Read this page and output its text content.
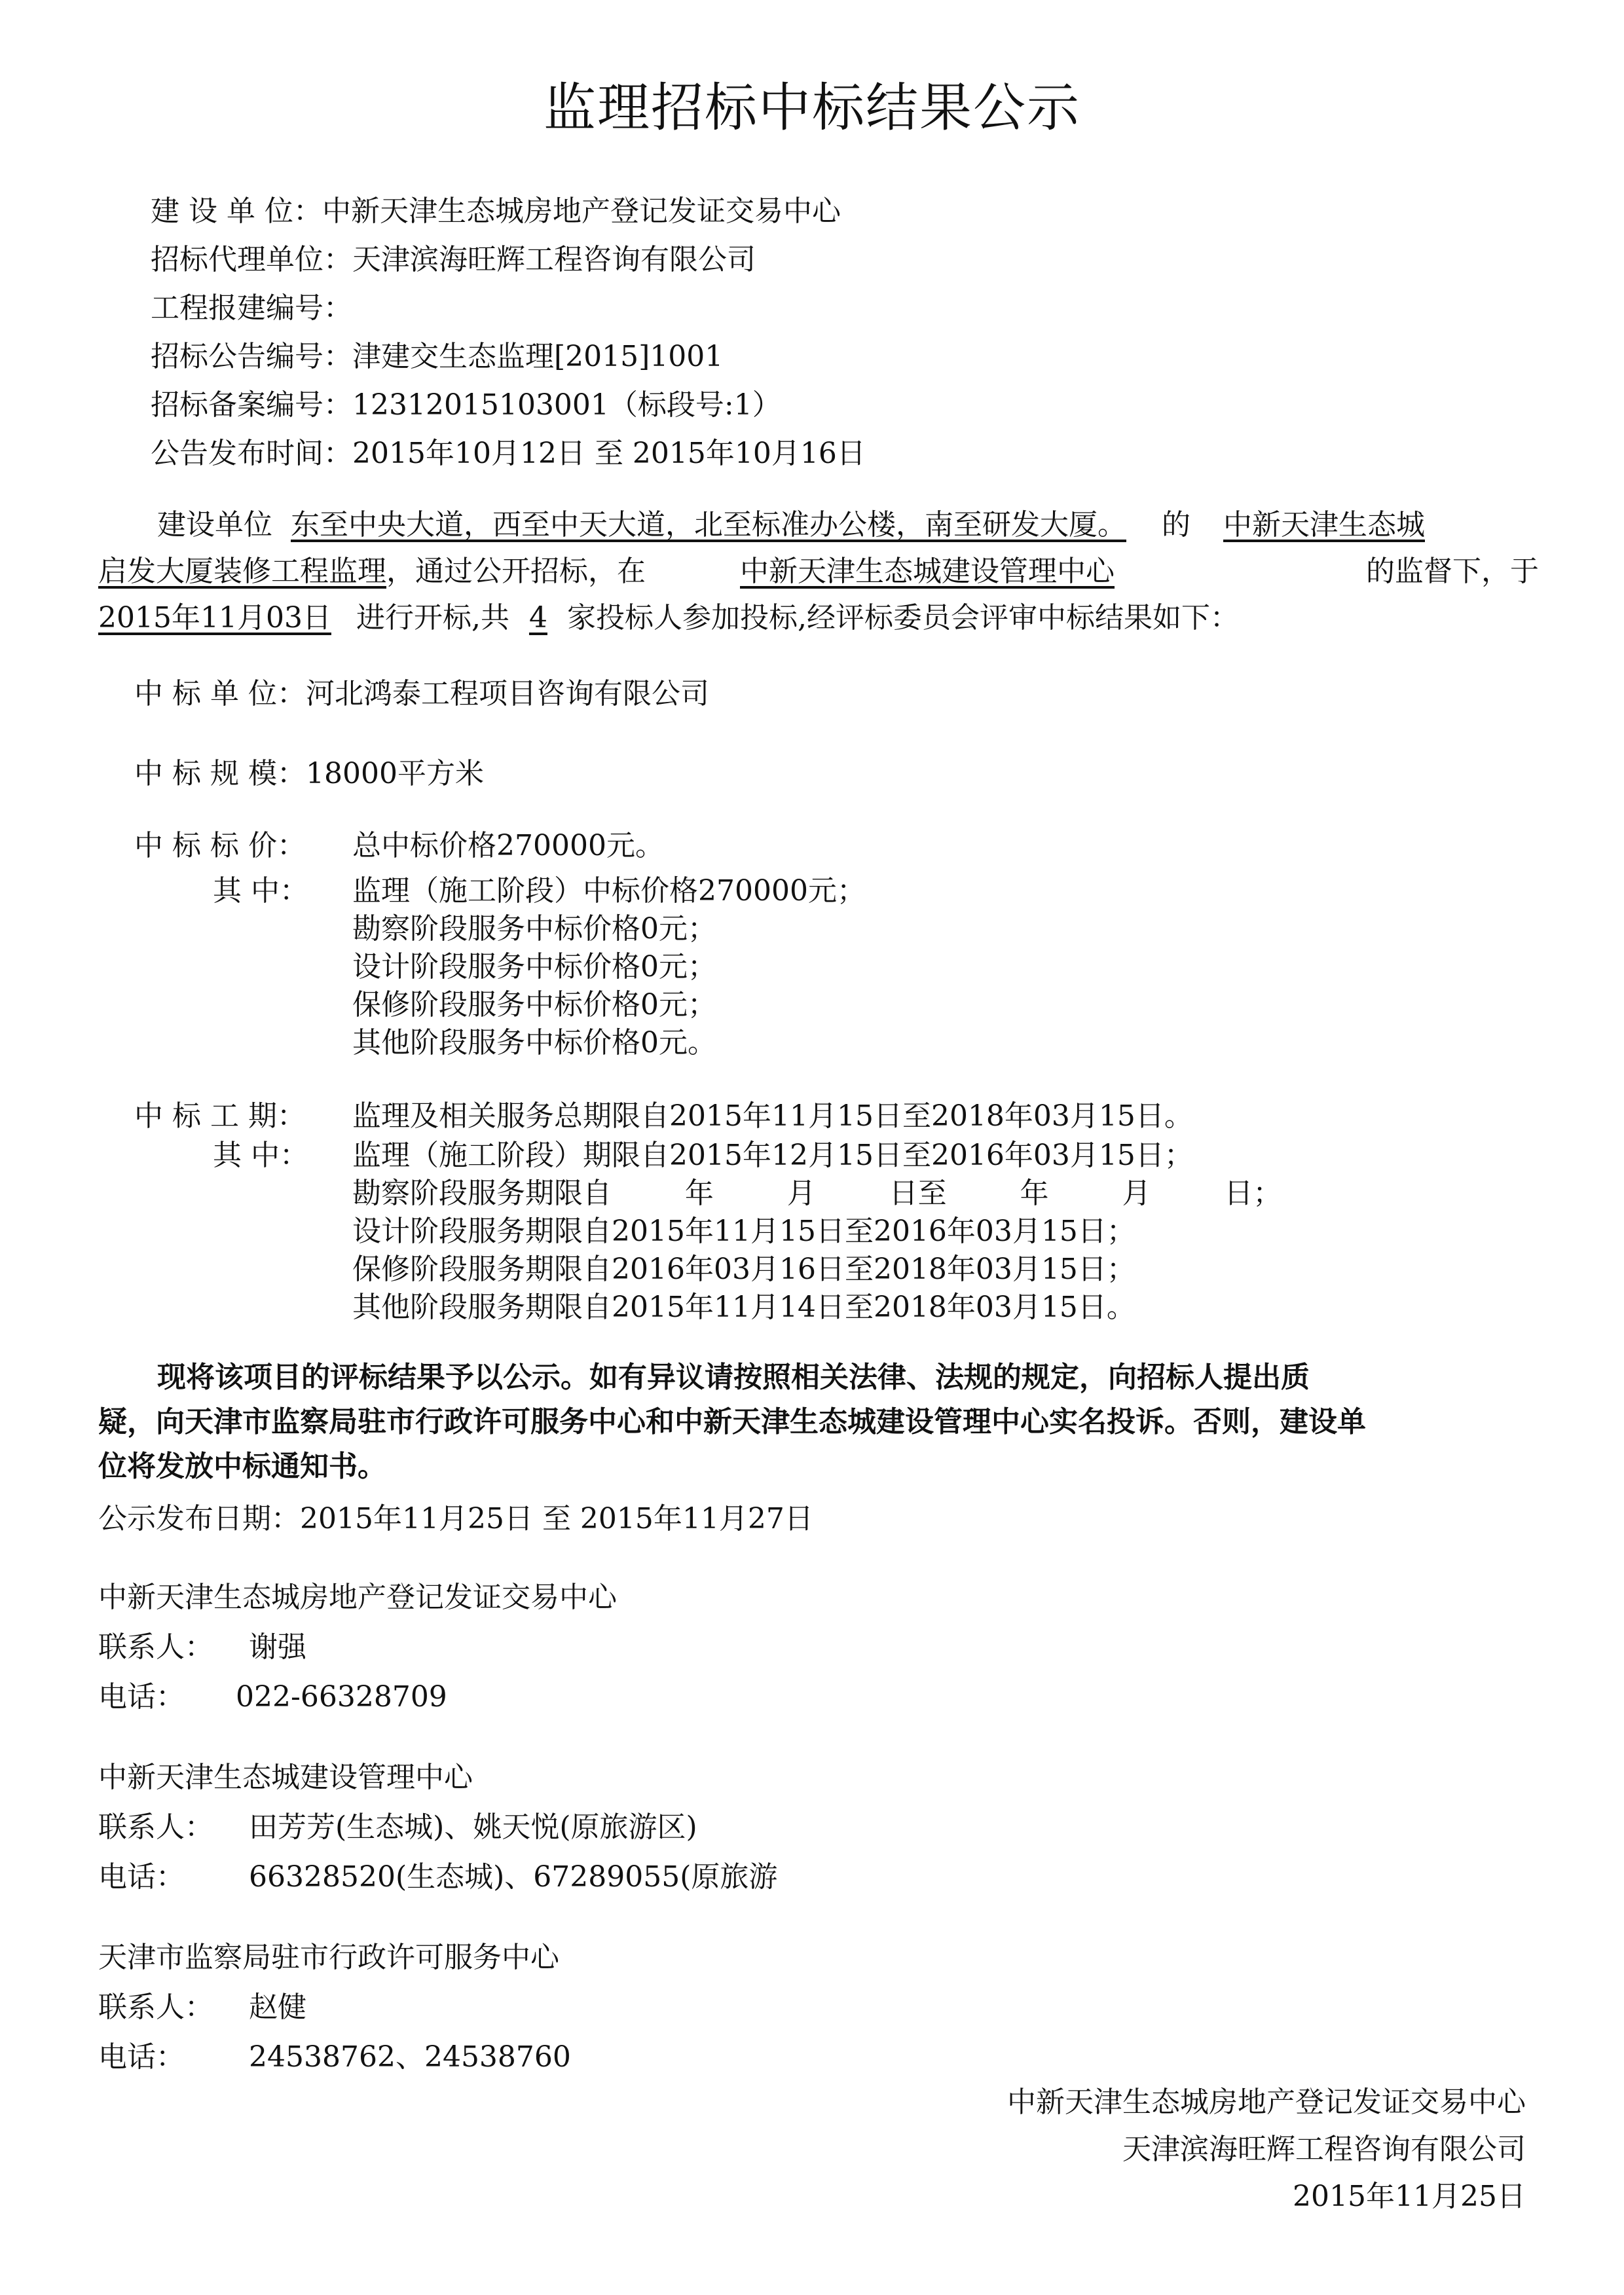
监理招标中标结果公示
建 设 单 位： 中新天津生态城房地产登记发证交易中心
招标代理单位： 天津滨海旺辉工程咨询有限公司
工程报建编号：
招标公告编号： 津建交生态监理[2015]1001
招标备案编号： 12312015103001（标段号:1）
公告发布时间： 2015年10月12日 至 2015年10月16日
建设单位 东至中央大道，西至中天大道，北至标准办公楼，南至研发大厦。 的 中新天津生态城
启发大厦装修工程监理，通过公开招标，在	中新天津生态城建设管理中心	的监督下，于
2015年11月03日 进行开标,共 4 家投标人参加投标,经评标委员会评审中标结果如下：
中 标 单 位：河北鸿泰工程项目咨询有限公司
中 标 规 模：18000平方米
中 标 标 价： 总中标价格270000元。
其 中： 监理（施工阶段）中标价格270000元；
勘察阶段服务中标价格0元；
设计阶段服务中标价格0元；
保修阶段服务中标价格0元；
其他阶段服务中标价格0元。
中 标 工 期： 监理及相关服务总期限自2015年11月15日至2018年03月15日。
其 中： 监理（施工阶段）期限自2015年12月15日至2016年03月15日；
勘察阶段服务期限自        年        月        日至        年        月        日；
设计阶段服务期限自2015年11月15日至2016年03月15日；
保修阶段服务期限自2016年03月16日至2018年03月15日；
其他阶段服务期限自2015年11月14日至2018年03月15日。
现将该项目的评标结果予以公示。如有异议请按照相关法律、法规的规定，向招标人提出质
疑，向天津市监察局驻市行政许可服务中心和中新天津生态城建设管理中心实名投诉。否则，建设单
位将发放中标通知书。
公示发布日期：2015年11月25日 至 2015年11月27日
中新天津生态城房地产登记发证交易中心
联系人：	谢强
电话：	022-66328709
中新天津生态城建设管理中心
联系人：	田芳芳(生态城)、姚天悦(原旅游区)
电话：	66328520(生态城)、67289055(原旅游
天津市监察局驻市行政许可服务中心
联系人：	赵健
电话：	24538762、24538760
中新天津生态城房地产登记发证交易中心
天津滨海旺辉工程咨询有限公司
2015年11月25日
